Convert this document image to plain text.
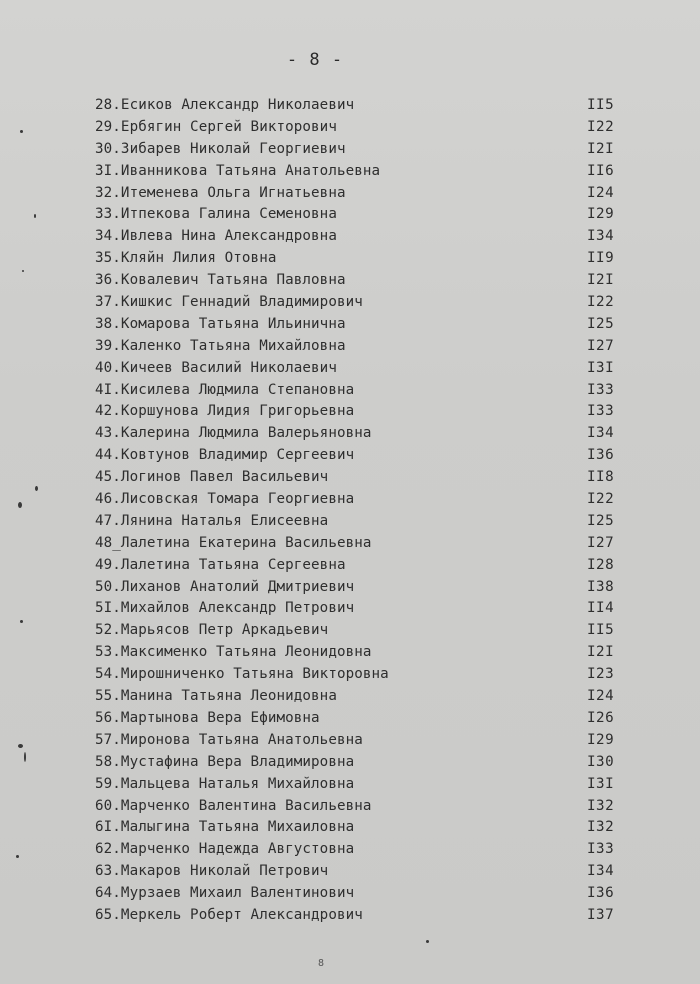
- 8 -
28.Есиков Александр Николаевич	II5
29.Ербягин Сергей Викторович	I22
30.Зибарев Николай Георгиевич	I2I
3I.Иванникова Татьяна Анатольевна	II6
32.Итеменева Ольга Игнатьевна	I24
33.Итпекова Галина Семеновна	I29
34.Ивлева Нина Александровна	I34
35.Кляйн Лилия Отовна	II9
36.Ковалевич Татьяна Павловна	I2I
37.Кишкис Геннадий Владимирович	I22
38.Комарова Татьяна Ильинична	I25
39.Каленко Татьяна Михайловна	I27
40.Кичеев Василий Николаевич	I3I
4I.Кисилева Людмила Степановна	I33
42.Коршунова Лидия Григорьевна	I33
43.Калерина Людмила Валерьяновна	I34
44.Ковтунов Владимир Сергеевич	I36
45.Логинов Павел Васильевич	II8
46.Лисовская Томара Георгиевна	I22
47.Лянина Наталья Елисеевна	I25
48_Лалетина Екатерина Васильевна	I27
49.Лалетина Татьяна Сергеевна	I28
50.Лиханов Анатолий Дмитриевич	I38
5I.Михайлов Александр Петрович	II4
52.Марьясов Петр Аркадьевич	II5
53.Максименко Татьяна Леонидовна	I2I
54.Мирошниченко Татьяна Викторовна	I23
55.Манина Татьяна Леонидовна	I24
56.Мартынова Вера Ефимовна	I26
57.Миронова Татьяна Анатольевна	I29
58.Мустафина Вера Владимировна	I30
59.Мальцева Наталья Михайловна	I3I
60.Марченко Валентина Васильевна	I32
6I.Малыгина Татьяна Михаиловна	I32
62.Марченко Надежда Августовна	I33
63.Макаров Николай Петрович	I34
64.Мурзаев Михаил Валентинович	I36
65.Меркель Роберт Александрович	I37
8
